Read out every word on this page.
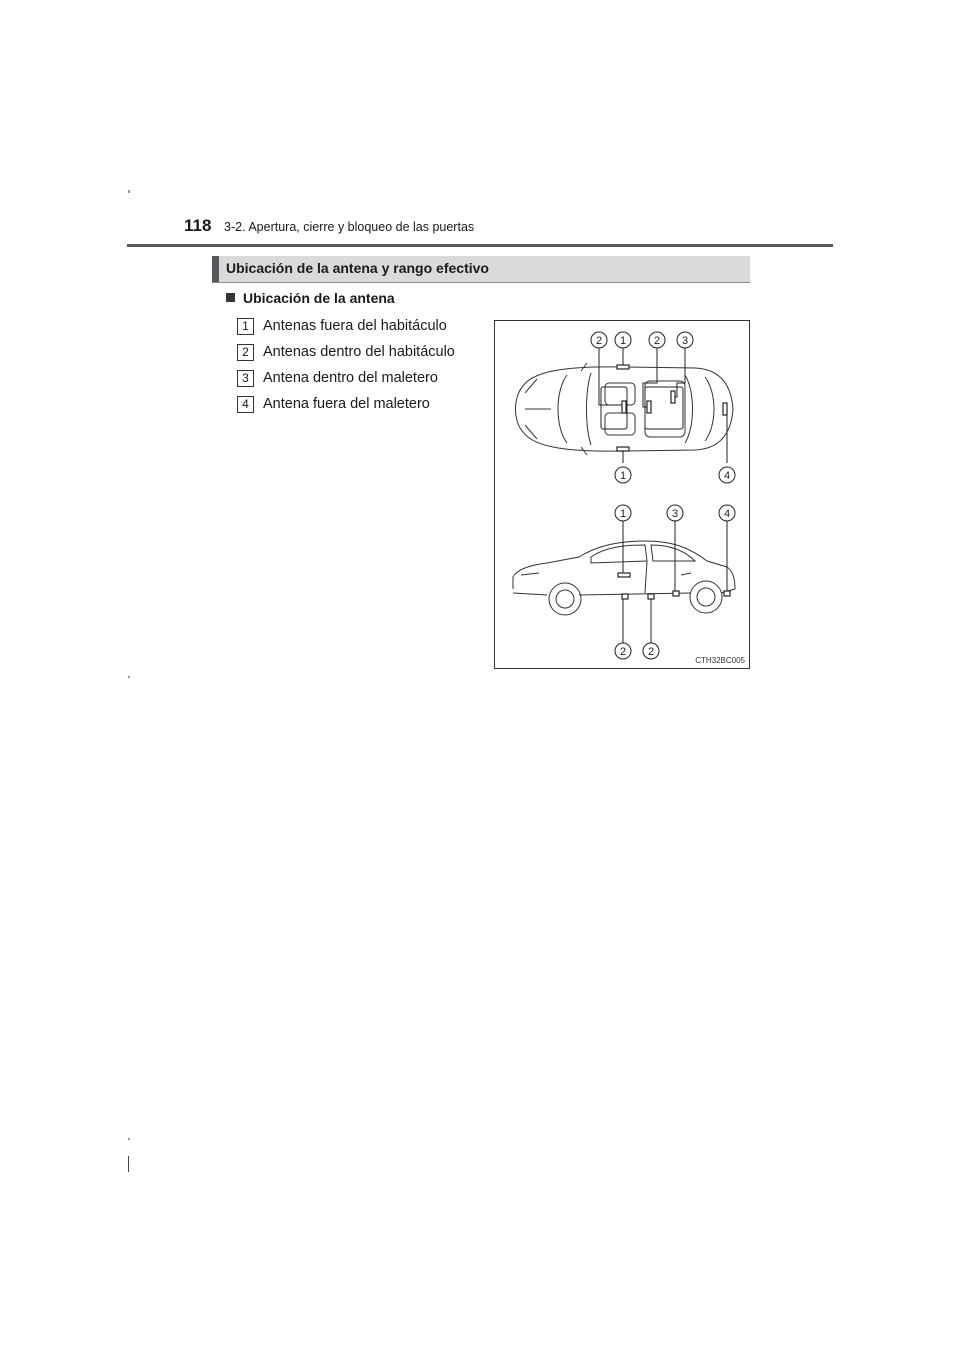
118 3-2. Apertura, cierre y bloqueo de las puertas
Ubicación de la antena y rango efectivo
Ubicación de la antena
1 Antenas fuera del habitáculo
2 Antenas dentro del habitáculo
3 Antena dentro del maletero
4 Antena fuera del maletero
2 1	2 3
1	4
1	3	4
2 2
CTH32BC005
